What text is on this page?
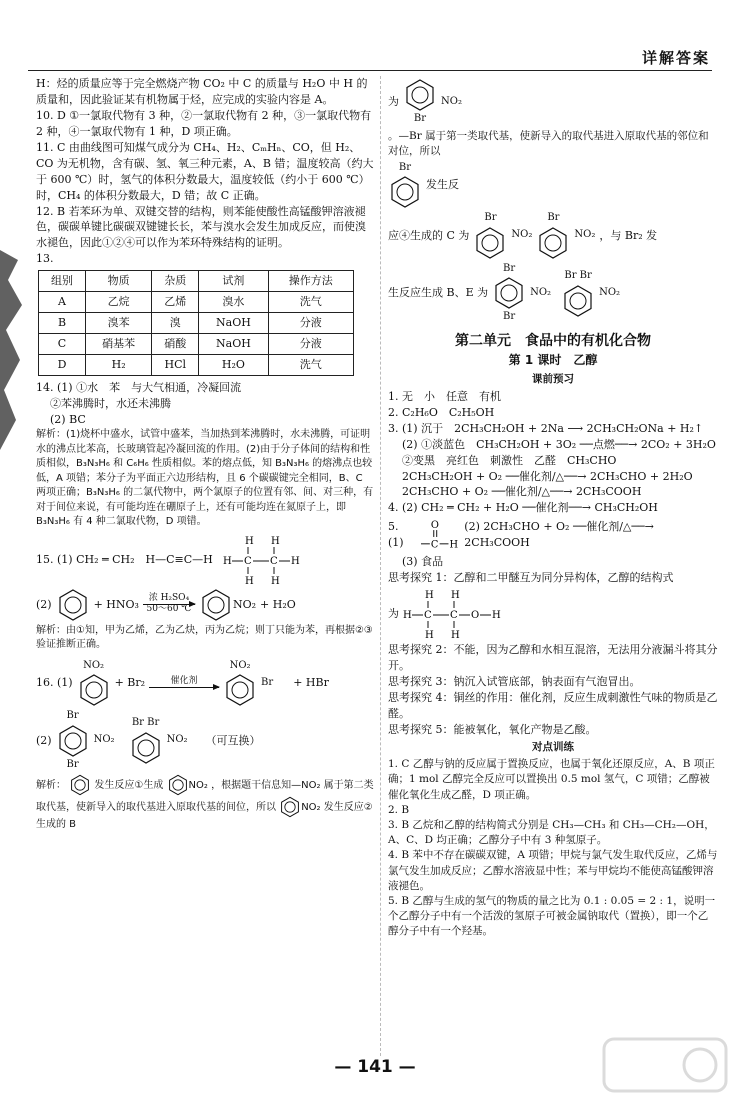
详解答案

H：烃的质量应等于完全燃烧产物 CO₂ 中 C 的质量与 H₂O 中 H 的质量和，因此验证某有机物属于烃，应完成的实验内容是 A。

10. D ①一氯取代物有 3 种，②一氯取代物有 2 种，③一氯取代物有 2 种，④一氯取代物有 1 种，D 项正确。

11. C 由曲线图可知煤气成分为 CH₄、H₂、CₘHₙ、CO，但 H₂、CO 为无机物，含有碳、氢、氧三种元素，A、B 错；温度较高（约大于 600 ℃）时，氢气的体积分数最大，温度较低（约小于 600 ℃）时，CH₄ 的体积分数最大，D 错；故 C 正确。

12. B 若苯环为单、双键交替的结构，则苯能使酸性高锰酸钾溶液褪色，碳碳单键比碳碳双键键长长，苯与溴水会发生加成反应，而使溴水褪色，因此①②④可以作为苯环特殊结构的证明。

13.

组别	物质	杂质	试剂	操作方法
A	乙烷	乙烯	溴水	洗气
B	溴苯	溴	NaOH	分液
C	硝基苯	硝酸	NaOH	分液
D	H₂	HCl	H₂O	洗气

14. (1) ①水　苯　与大气相通，冷凝回流

②苯沸腾时，水还未沸腾

(2) BC

解析：(1)烧杯中盛水，试管中盛苯，当加热到苯沸腾时，水未沸腾，可证明水的沸点比苯高，长玻璃管起冷凝回流的作用。(2)由于分子体间的结构和性质相似，B₃N₃H₆ 和 C₆H₆ 性质相似。苯的熔点低，知 B₃N₃H₆ 的熔沸点也较低，A 项错；苯分子为平面正六边形结构，且 6 个碳碳键完全相同，B、C 两项正确；B₃N₃H₆ 的二氯代物中，两个氯原子的位置有邻、间、对三种，有对于间位来说，有可能均连在硼原子上，还有可能均连在氮原子上，即 B₃N₃H₆ 有 4 种二氯取代物，D 项错。

15. (1) CH₂ ═ CH₂　H—C≡C—H
H H
H C C H
H H
(2)	+ HNO₃ 浓 H₂SO₄
50～60 ℃	NO₂ + H₂O

解析：由①知，甲为乙烯，乙为乙炔，丙为乙烷；则丁只能为苯，再根据②③验证推断正确。

16. (1)
NO₂
+ Br₂	催化剂
NO₂
Br + HBr
(2)
Br
Br
NO₂
Br Br
NO₂ （可互换）

解析：	发生反应①生成	NO₂ ，根据题干信息知—NO₂ 属于第二类取代基，使新导入的取代基进入原取代基的间位，所以	NO₂ 发生反应②生成的 B

为
Br
NO₂

。—Br 属于第一类取代基，使新导入的取代基进入原取代基的邻位和对位，所以

Br
发生反
应④生成的 C 为
Br
NO₂
Br
NO₂ ，与 Br₂ 发
生反应生成 B、E 为
Br
Br
NO₂
Br Br
NO₂

第二单元　食品中的有机化合物

第 1 课时　乙醇

课前预习

1. 无　小　任意　有机

2. C₂H₆O　C₂H₅OH

3. (1) 沉于　2CH₃CH₂OH + 2Na ⟶ 2CH₃CH₂ONa + H₂↑

(2) ①淡蓝色　CH₃CH₂OH + 3O₂ ──点燃──→ 2CO₂ + 3H₂O

②变黑　亮红色　刺激性　乙醛　CH₃CHO

2CH₃CH₂OH + O₂ ──催化剂/△──→ 2CH₃CHO + 2H₂O

2CH₃CHO + O₂ ──催化剂/△──→ 2CH₃COOH

4. (2) CH₂ ═ CH₂ + H₂O ──催化剂──→ CH₃CH₂OH

5. (1)
O
C H
(2) 2CH₃CHO + O₂ ──催化剂/△──→ 2CH₃COOH

(3) 食品

思考探究 1：乙醇和二甲醚互为同分异构体，乙醇的结构式

为
H H
H C C O H
H H

思考探究 2：不能，因为乙醇和水相互混溶，无法用分液漏斗将其分开。

思考探究 3：钠沉入试管底部，钠表面有气泡冒出。

思考探究 4：铜丝的作用：催化剂，反应生成刺激性气味的物质是乙醛。

思考探究 5：能被氧化，氧化产物是乙酸。

对点训练

1. C 乙醇与钠的反应属于置换反应，也属于氧化还原反应，A、B 项正确；1 mol 乙醇完全反应可以置换出 0.5 mol 氢气，C 项错；乙醇被催化氧化生成乙醛，D 项正确。

2. B

3. B 乙烷和乙醇的结构简式分别是 CH₃—CH₃ 和 CH₃—CH₂—OH，A、C、D 均正确；乙醇分子中有 3 种氢原子。

4. B 苯中不存在碳碳双键，A 项错；甲烷与氯气发生取代反应，乙烯与氯气发生加成反应；乙醇水溶液显中性；苯与甲烷均不能使高锰酸钾溶液褪色。

5. B 乙醇与生成的氢气的物质的量之比为 0.1 : 0.05 = 2 : 1，说明一个乙醇分子中有一个活泼的氢原子可被金属钠取代（置换），即一个乙醇分子中有一个羟基。

— 141 —
